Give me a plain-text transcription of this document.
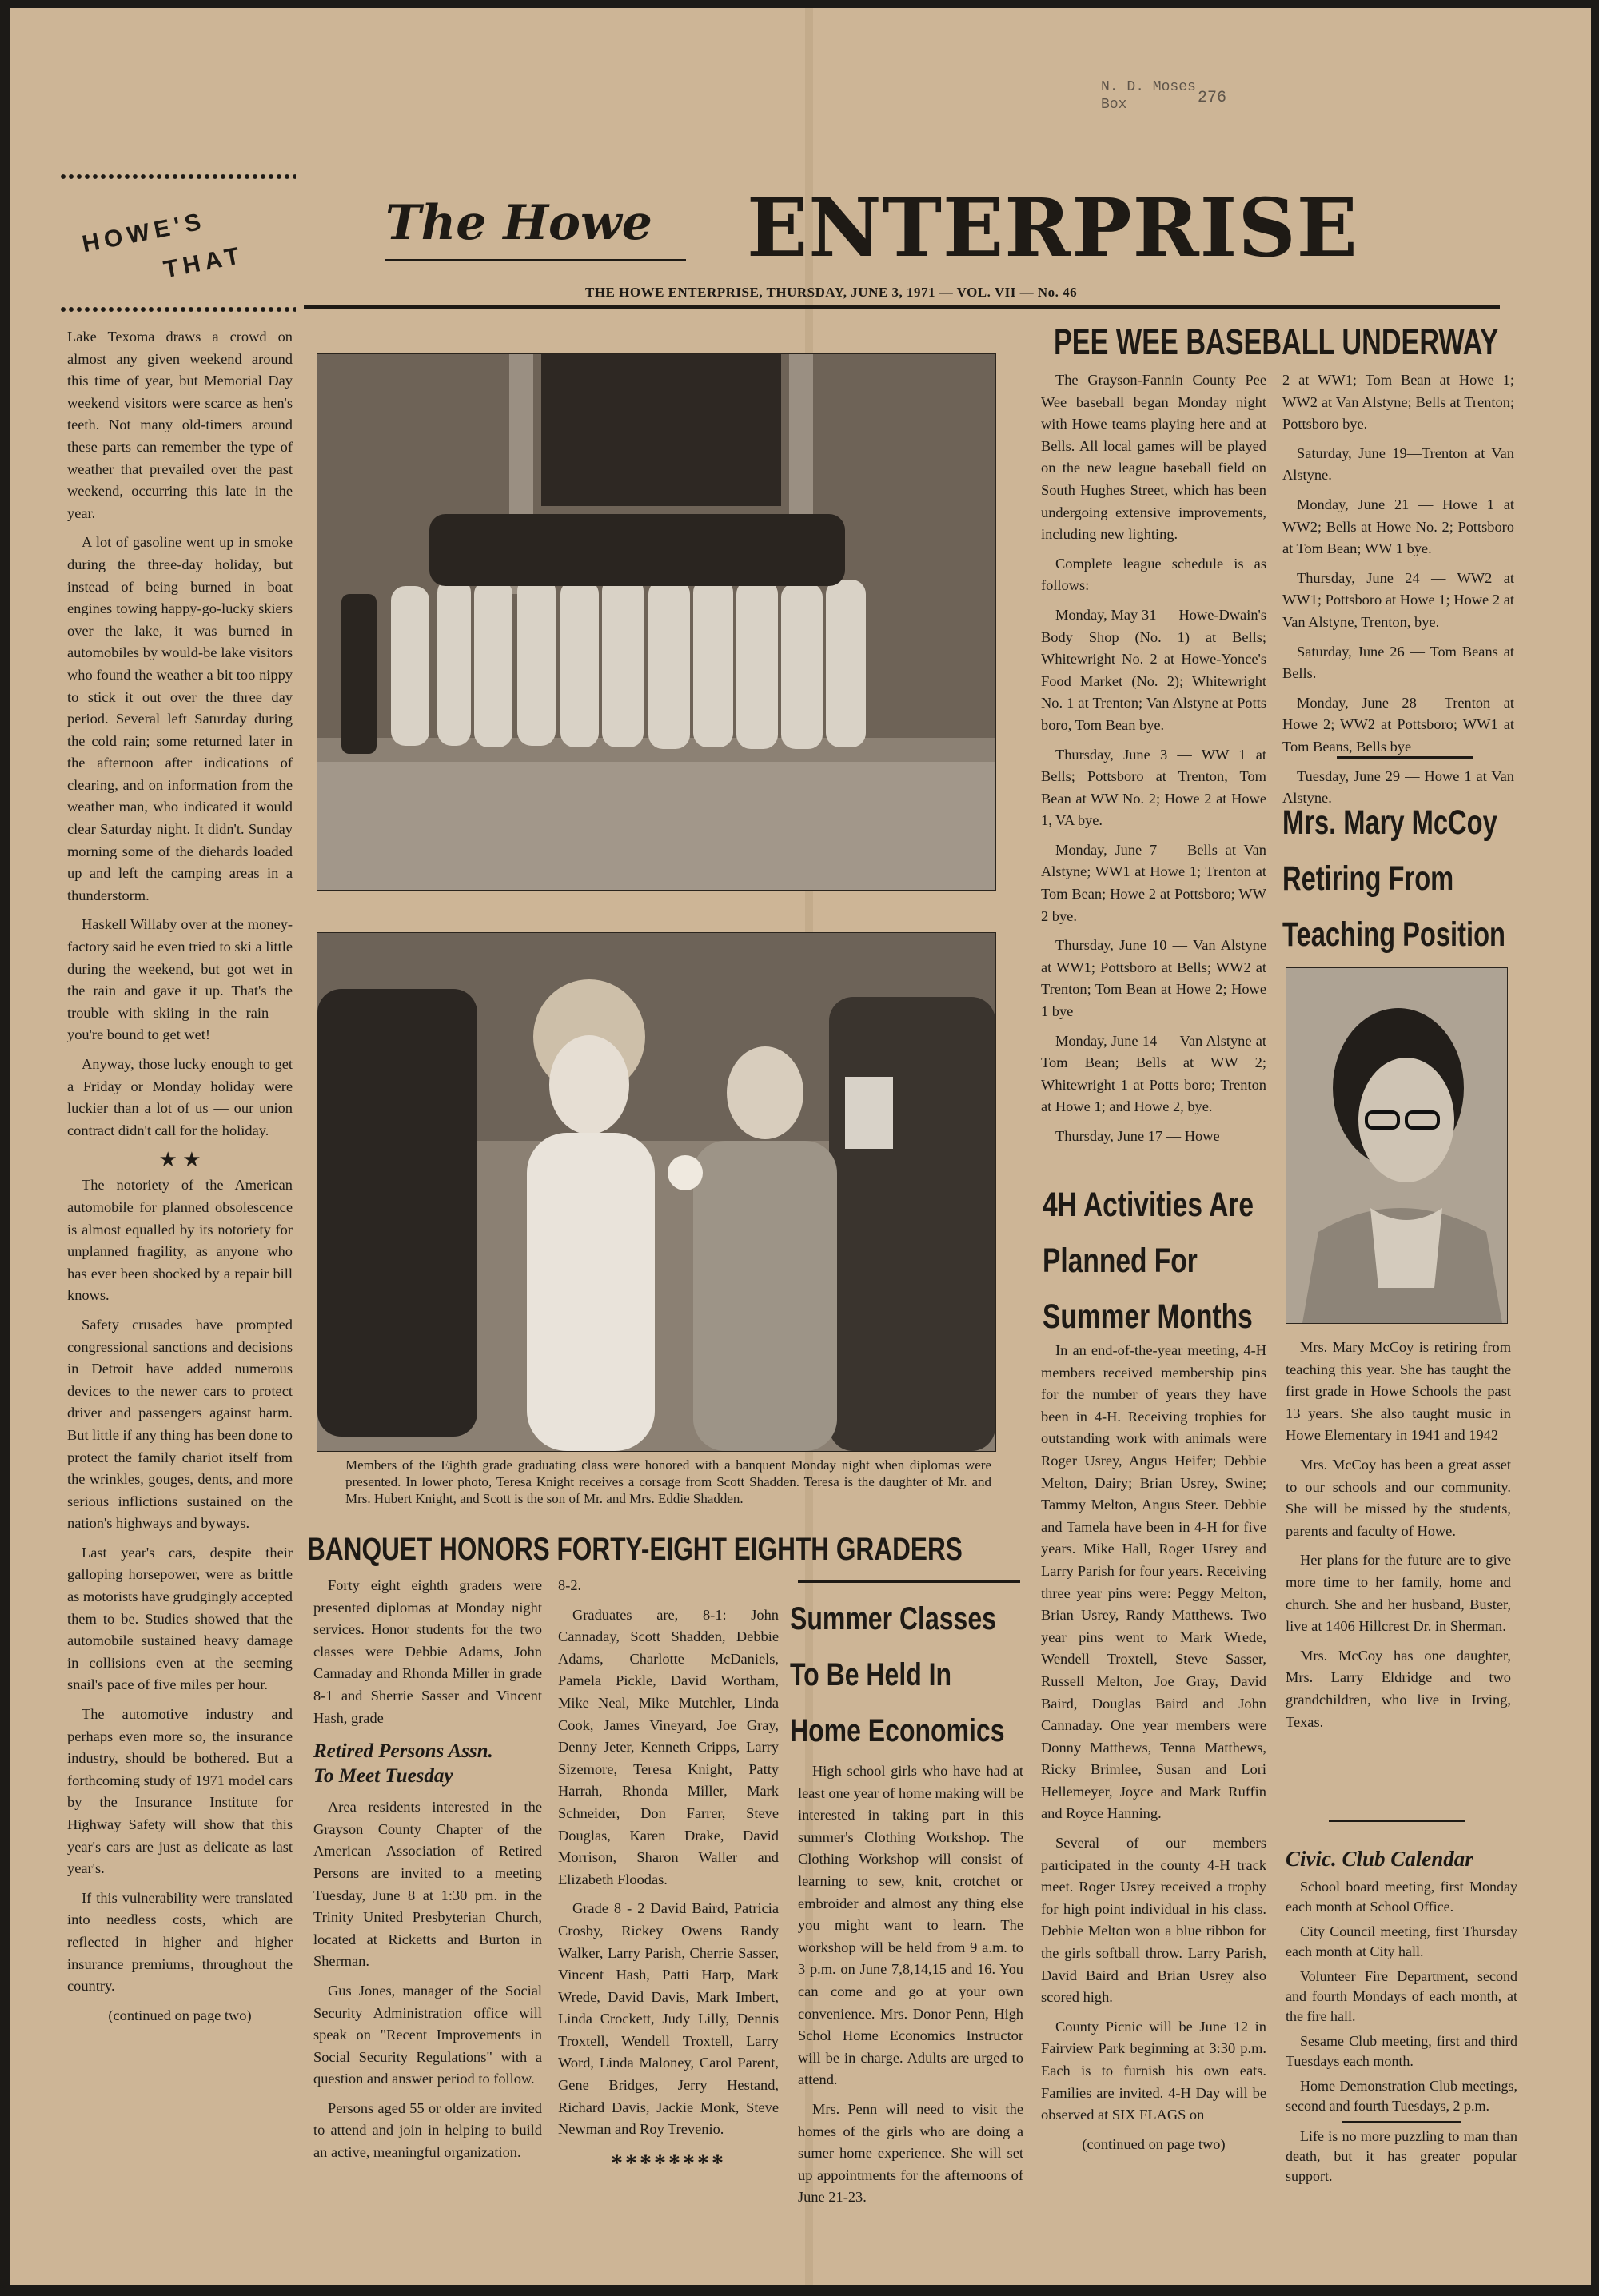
N. D. Moses
Box	276
HOWE'S
THAT
The Howe ENTERPRISE
THE HOWE ENTERPRISE, THURSDAY, JUNE 3, 1971 — VOL. VII — No. 46

Lake Texoma draws a crowd on almost any given weekend around this time of year, but Memorial Day weekend visitors were scarce as hen's teeth. Not many old-timers around these parts can remember the type of weather that prevailed over the past weekend, occurring this late in the year.

A lot of gasoline went up in smoke during the three-day holiday, but instead of being burned in boat engines towing happy-go-lucky skiers over the lake, it was burned in automobiles by would-be lake visitors who found the weather a bit too nippy to stick it out over the three day period. Several left Saturday during the cold rain; some returned later in the afternoon after indications of clearing, and on information from the weather man, who indicated it would clear Saturday night. It didn't. Sunday morning some of the diehards loaded up and left the camping areas in a thunderstorm.

Haskell Willaby over at the money-factory said he even tried to ski a little during the weekend, but got wet in the rain and gave it up. That's the trouble with skiing in the rain — you're bound to get wet!

Anyway, those lucky enough to get a Friday or Monday holiday were luckier than a lot of us — our union contract didn't call for the holiday.

★ ★

The notoriety of the American automobile for planned obsolescence is almost equalled by its notoriety for unplanned fragility, as anyone who has ever been shocked by a repair bill knows.

Safety crusades have prompted congressional sanctions and decisions in Detroit have added numerous devices to the newer cars to protect driver and passengers against harm. But little if any thing has been done to protect the family chariot itself from the wrinkles, gouges, dents, and more serious inflictions sustained on the nation's highways and byways.

Last year's cars, despite their galloping horsepower, were as brittle as motorists have grudgingly accepted them to be. Studies showed that the automobile sustained heavy damage in collisions even at the seeming snail's pace of five miles per hour.

The automotive industry and perhaps even more so, the insurance industry, should be bothered. But a forthcoming study of 1971 model cars by the Insurance Institute for Highway Safety will show that this year's cars are just as delicate as last year's.

If this vulnerability were translated into needless costs, which are reflected in higher and higher insurance premiums, throughout the country.

(continued on page two)
Members of the Eighth grade graduating class were honored with a banquent Monday night when diplomas were presented. In lower photo, Teresa Knight receives a corsage from Scott Shadden. Teresa is the daughter of Mr. and Mrs. Hubert Knight, and Scott is the son of Mr. and Mrs. Eddie Shadden.
BANQUET HONORS FORTY-EIGHT EIGHTH GRADERS

Forty eight eighth graders were presented diplomas at Monday night services. Honor students for the two classes were Debbie Adams, John Cannaday and Rhonda Miller in grade 8-1 and Sherrie Sasser and Vincent Hash, grade

Retired Persons Assn.
To Meet Tuesday

Area residents interested in the Grayson County Chapter of the American Association of Retired Persons are invited to a meeting Tuesday, June 8 at 1:30 pm. in the Trinity United Presbyterian Church, located at Ricketts and Burton in Sherman.

Gus Jones, manager of the Social Security Administration office will speak on "Recent Improvements in Social Security Regulations" with a question and answer period to follow.

Persons aged 55 or older are invited to attend and join in helping to build an active, meaningful organization.

8-2.

Graduates are, 8-1: John Cannaday, Scott Shadden, Debbie Adams, Charlotte McDaniels, Pamela Pickle, David Wortham, Mike Neal, Mike Mutchler, Linda Cook, James Vineyard, Joe Gray, Denny Jeter, Kenneth Cripps, Larry Sizemore, Teresa Knight, Patty Harrah, Rhonda Miller, Mark Schneider, Don Farrer, Steve Douglas, Karen Drake, David Morrison, Sharon Waller and Elizabeth Floodas.

Grade 8 - 2 David Baird, Patricia Crosby, Rickey Owens Randy Walker, Larry Parish, Cherrie Sasser, Vincent Hash, Patti Harp, Mark Wrede, David Davis, Mark Imbert, Linda Crockett, Judy Lilly, Dennis Troxtell, Wendell Troxtell, Larry Word, Linda Maloney, Carol Parent, Gene Bridges, Jerry Hestand, Richard Davis, Jackie Monk, Steve Newman and Roy Trevenio.

********
Summer Classes
To Be Held In
Home Economics

High school girls who have had at least one year of home making will be interested in taking part in this summer's Clothing Workshop. The Clothing Workshop will consist of learning to sew, knit, crotchet or embroider and almost any thing else you might want to learn. The workshop will be held from 9 a.m. to 3 p.m. on June 7,8,14,15 and 16. You can come and go at your own convenience. Mrs. Donor Penn, High Schol Home Economics Instructor will be in charge. Adults are urged to attend.

Mrs. Penn will need to visit the homes of the girls who are doing a sumer home experience. She will set up appointments for the afternoons of June 21-23.

PEE WEE BASEBALL UNDERWAY

The Grayson-Fannin County Pee Wee baseball began Monday night with Howe teams playing here and at Bells. All local games will be played on the new league baseball field on South Hughes Street, which has been undergoing extensive improvements, including new lighting.

Complete league schedule is as follows:

Monday, May 31 — Howe-Dwain's Body Shop (No. 1) at Bells; Whitewright No. 2 at Howe-Yonce's Food Market (No. 2); Whitewright No. 1 at Trenton; Van Alstyne at Potts boro, Tom Bean bye.

Thursday, June 3 — WW 1 at Bells; Pottsboro at Trenton, Tom Bean at WW No. 2; Howe 2 at Howe 1, VA bye.

Monday, June 7 — Bells at Van Alstyne; WW1 at Howe 1; Trenton at Tom Bean; Howe 2 at Pottsboro; WW 2 bye.

Thursday, June 10 — Van Alstyne at WW1; Pottsboro at Bells; WW2 at Trenton; Tom Bean at Howe 2; Howe 1 bye

Monday, June 14 — Van Alstyne at Tom Bean; Bells at WW 2; Whitewright 1 at Potts boro; Trenton at Howe 1; and Howe 2, bye.

Thursday, June 17 — Howe

2 at WW1; Tom Bean at Howe 1; WW2 at Van Alstyne; Bells at Trenton; Pottsboro bye.

Saturday, June 19—Trenton at Van Alstyne.

Monday, June 21 — Howe 1 at WW2; Bells at Howe No. 2; Pottsboro at Tom Bean; WW 1 bye.

Thursday, June 24 — WW2 at WW1; Pottsboro at Howe 1; Howe 2 at Van Alstyne, Trenton, bye.

Saturday, June 26 — Tom Beans at Bells.

Monday, June 28 —Trenton at Howe 2; WW2 at Pottsboro; WW1 at Tom Beans, Bells bye

Tuesday, June 29 — Howe 1 at Van Alstyne.

4H Activities Are
Planned For
Summer Months

In an end-of-the-year meeting, 4-H members received membership pins for the number of years they have been in 4-H. Receiving trophies for outstanding work with animals were Roger Usrey, Angus Heifer; Debbie Melton, Dairy; Brian Usrey, Swine; Tammy Melton, Angus Steer. Debbie and Tamela have been in 4-H for five years. Mike Hall, Roger Usrey and Larry Parish for four years. Receiving three year pins were: Peggy Melton, Brian Usrey, Randy Matthews. Two year pins went to Mark Wrede, Wendell Troxtell, Steve Sasser, Russell Melton, Joe Gray, David Baird, Douglas Baird and John Cannaday. One year members were Donny Matthews, Tenna Matthews, Ricky Brimlee, Susan and Lori Hellemeyer, Joyce and Mark Ruffin and Royce Hanning.

Several of our members participated in the county 4-H track meet. Roger Usrey received a trophy for high point individual in his class. Debbie Melton won a blue ribbon for the girls softball throw. Larry Parish, David Baird and Brian Usrey also scored high.

County Picnic will be June 12 in Fairview Park beginning at 3:30 p.m. Each is to furnish his own eats. Families are invited. 4-H Day will be observed at SIX FLAGS on

(continued on page two)
Mrs. Mary McCoy
Retiring From
Teaching Position

Mrs. Mary McCoy is retiring from teaching this year. She has taught the first grade in Howe Schools the past 13 years. She also taught music in Howe Elementary in 1941 and 1942

Mrs. McCoy has been a great asset to our schools and our community. She will be missed by the students, parents and faculty of Howe.

Her plans for the future are to give more time to her family, home and church. She and her husband, Buster, live at 1406 Hillcrest Dr. in Sherman.

Mrs. McCoy has one daughter, Mrs. Larry Eldridge and two grandchildren, who live in Irving, Texas.

Civic. Club Calendar

School board meeting, first Monday each month at School Office.

City Council meeting, first Thursday each month at City hall.

Volunteer Fire Department, second and fourth Mondays of each month, at the fire hall.

Sesame Club meeting, first and third Tuesdays each month.

Home Demonstration Club meetings, second and fourth Tuesdays, 2 p.m.

Life is no more puzzling to man than death, but it has greater popular support.
